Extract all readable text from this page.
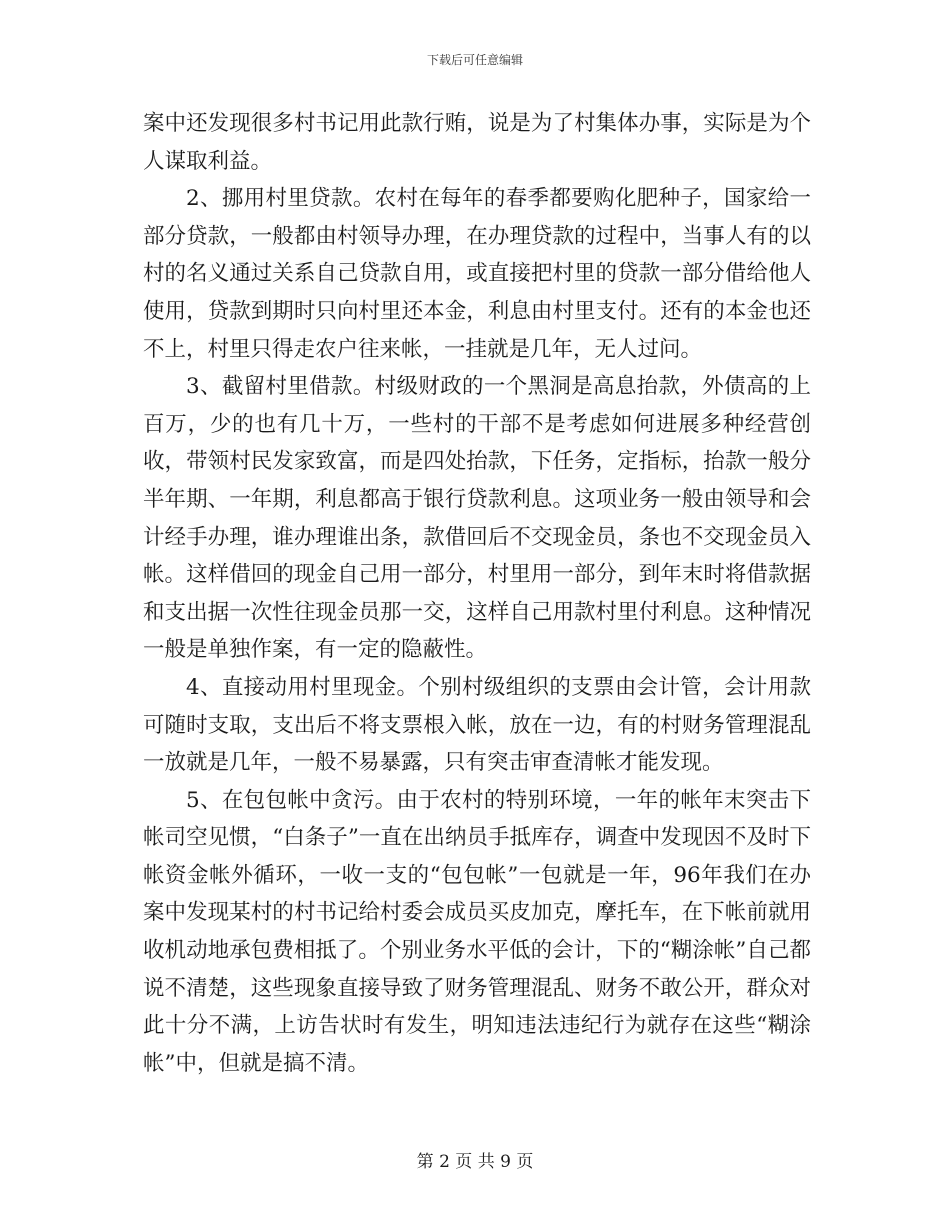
下载后可任意编辑

案中还发现很多村书记用此款行贿，说是为了村集体办事，实际是为个人谋取利益。

2、挪用村里贷款。农村在每年的春季都要购化肥种子，国家给一部分贷款，一般都由村领导办理，在办理贷款的过程中，当事人有的以村的名义通过关系自己贷款自用，或直接把村里的贷款一部分借给他人使用，贷款到期时只向村里还本金，利息由村里支付。还有的本金也还不上，村里只得走农户往来帐，一挂就是几年，无人过问。

3、截留村里借款。村级财政的一个黑洞是高息抬款，外债高的上百万，少的也有几十万，一些村的干部不是考虑如何进展多种经营创收，带领村民发家致富，而是四处抬款，下任务，定指标，抬款一般分半年期、一年期，利息都高于银行贷款利息。这项业务一般由领导和会计经手办理，谁办理谁出条，款借回后不交现金员，条也不交现金员入帐。这样借回的现金自己用一部分，村里用一部分，到年末时将借款据和支出据一次性往现金员那一交，这样自己用款村里付利息。这种情况一般是单独作案，有一定的隐蔽性。

4、直接动用村里现金。个别村级组织的支票由会计管，会计用款可随时支取，支出后不将支票根入帐，放在一边，有的村财务管理混乱一放就是几年，一般不易暴露，只有突击审查清帐才能发现。

5、在包包帐中贪污。由于农村的特别环境，一年的帐年末突击下帐司空见惯，“白条子”一直在出纳员手抵库存，调查中发现因不及时下帐资金帐外循环，一收一支的“包包帐”一包就是一年，96年我们在办案中发现某村的村书记给村委会成员买皮加克，摩托车，在下帐前就用收机动地承包费相抵了。个别业务水平低的会计，下的“糊涂帐”自己都说不清楚，这些现象直接导致了财务管理混乱、财务不敢公开，群众对此十分不满，上访告状时有发生，明知违法违纪行为就存在这些“糊涂帐”中，但就是搞不清。

第 2 页 共 9 页
